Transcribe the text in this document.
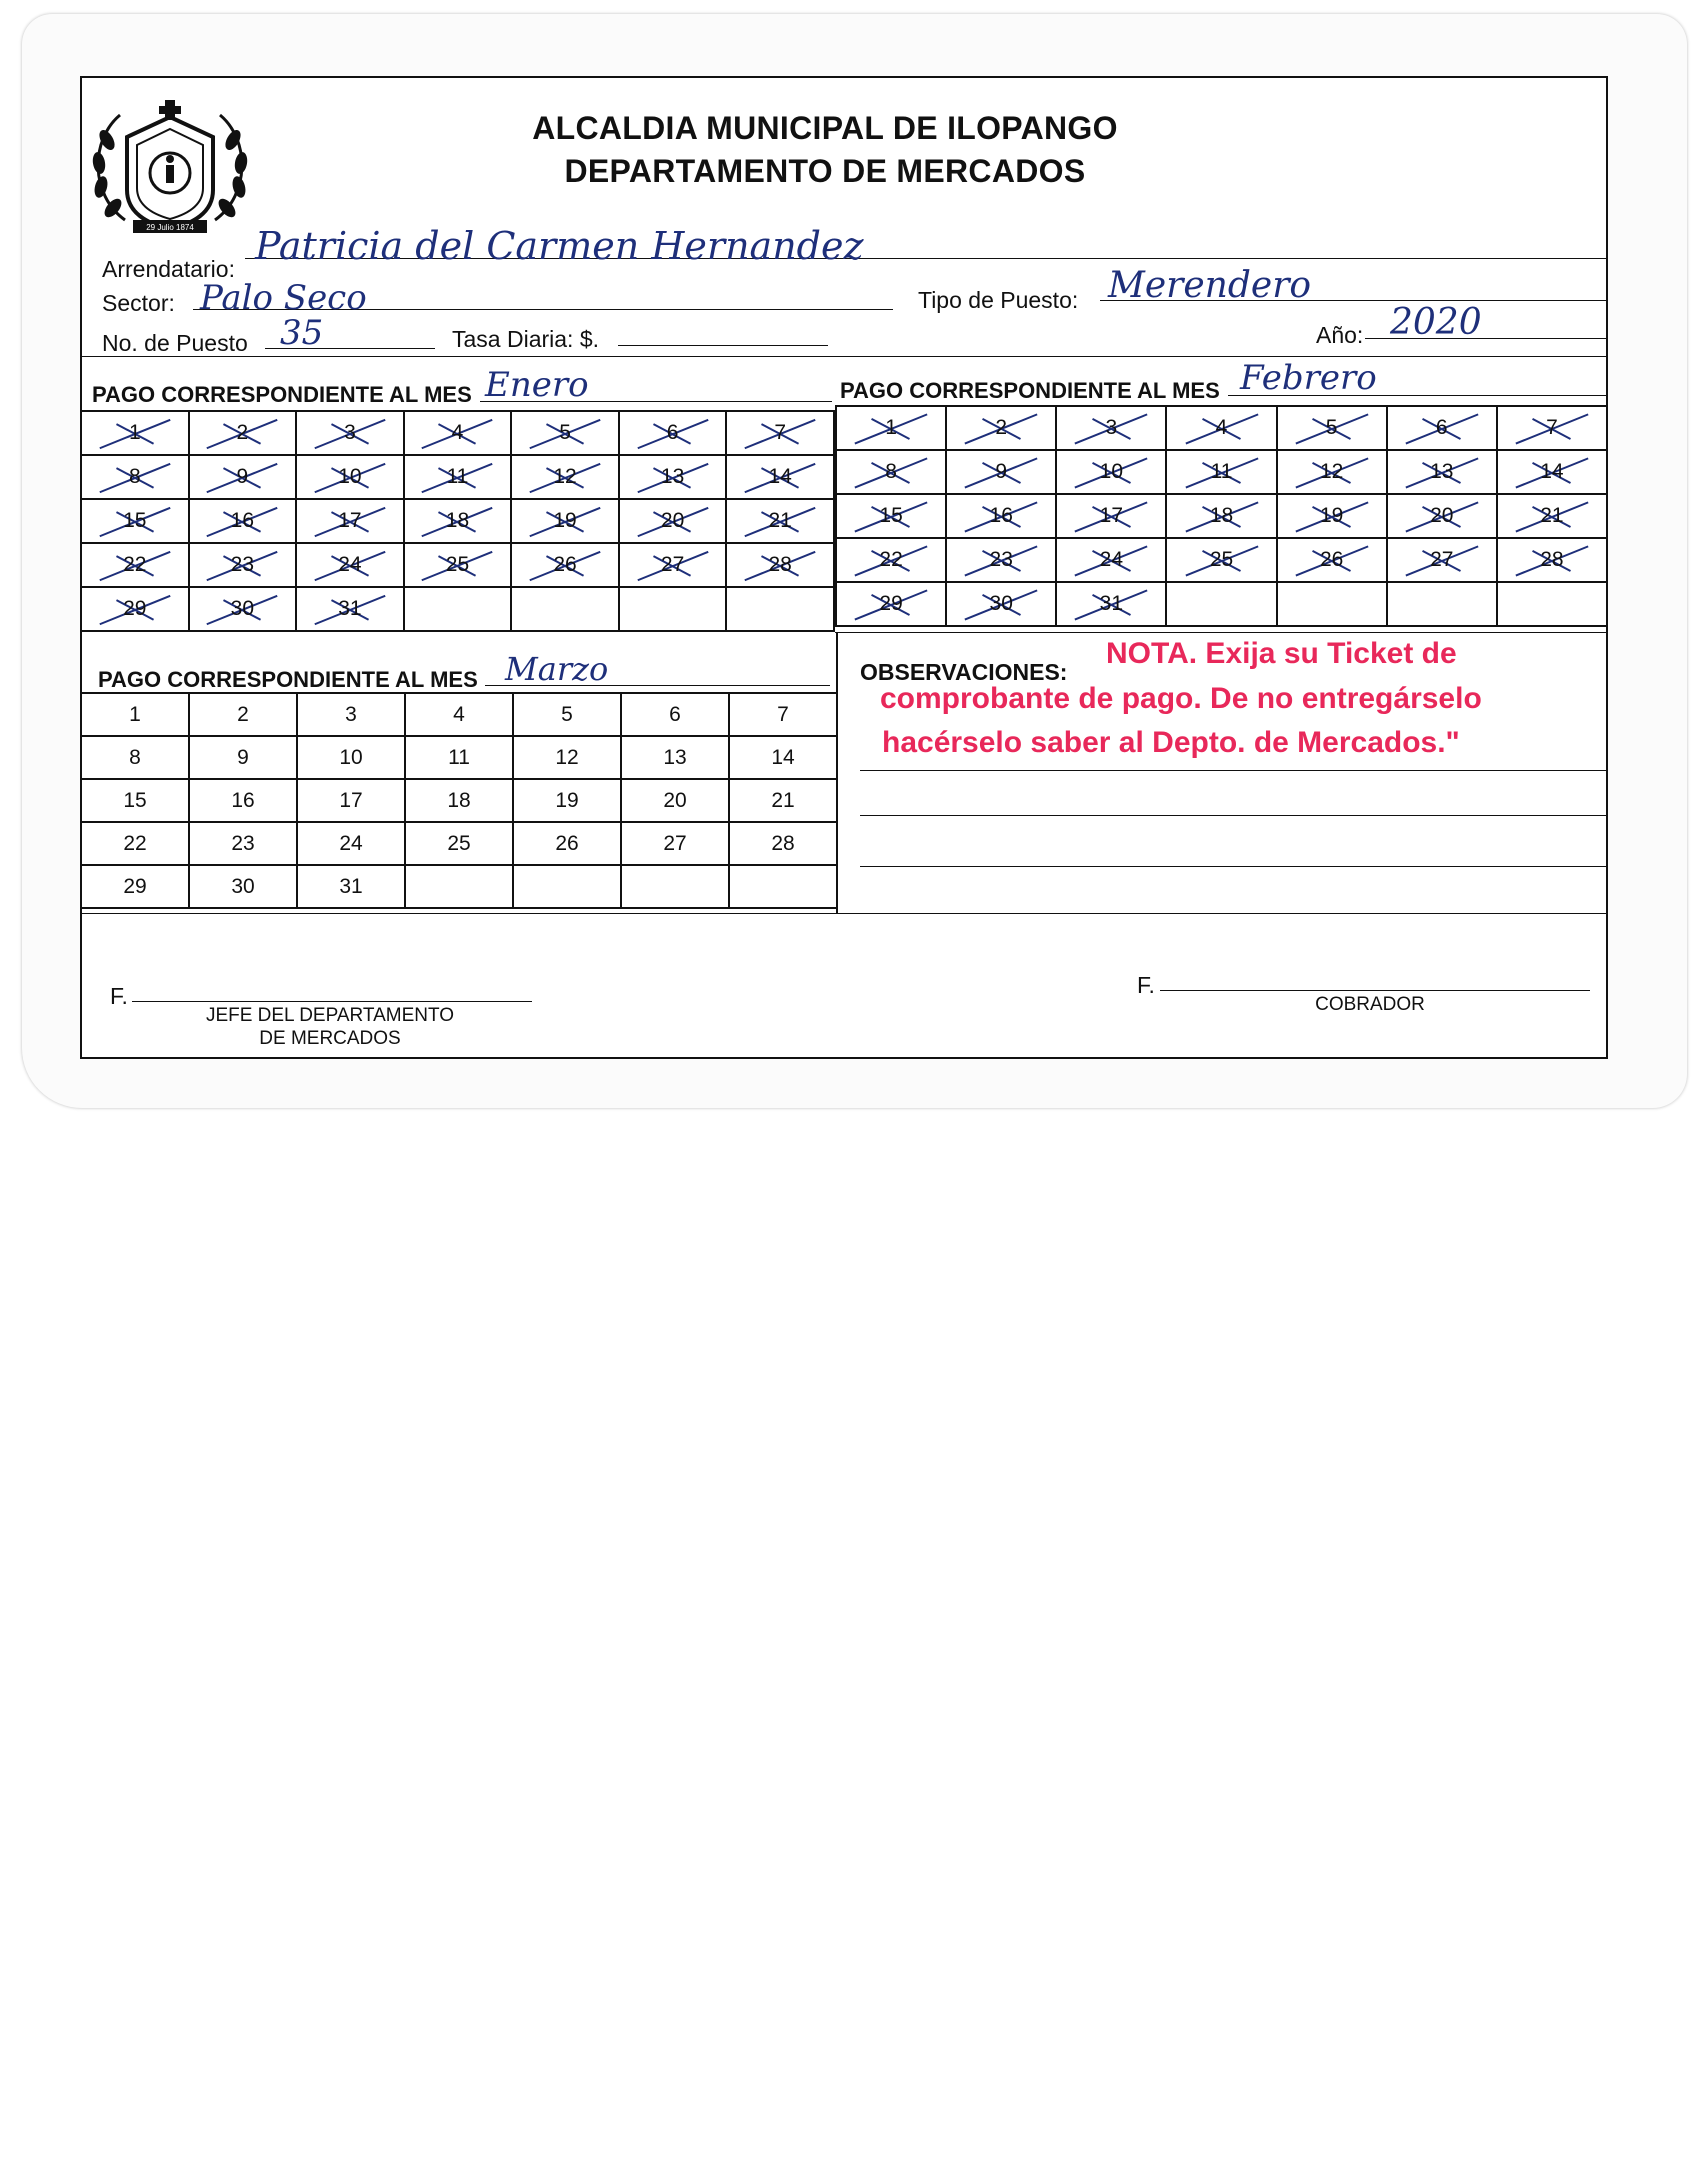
29 Julio 1874
ALCALDIA MUNICIPAL DE ILOPANGO
DEPARTAMENTO DE MERCADOS
Arrendatario:
Patricia del Carmen Hernandez
Sector: Palo Seco	Tipo de Puesto: Merendero
No. de Puesto 35	Tasa Diaria: $.	Año: 2020
PAGO CORRESPONDIENTE AL MES Enero	PAGO CORRESPONDIENTE AL MES Febrero
1	2	3	4	5	6	7
8	9	10	11	12	13	14
15	16	17	18	19	20	21
22	23	24	25	26	27	28
29	30	31				
1	2	3	4	5	6	7
8	9	10	11	12	13	14
15	16	17	18	19	20	21
22	23	24	25	26	27	28
29	30	31				
PAGO CORRESPONDIENTE AL MES Marzo
1	2	3	4	5	6	7
8	9	10	11	12	13	14
15	16	17	18	19	20	21
22	23	24	25	26	27	28
29	30	31				
OBSERVACIONES:
NOTA. Exija su Ticket de
comprobante de pago. De no entregárselo
hacérselo saber al Depto. de Mercados."
F.
JEFE DEL DEPARTAMENTO
DE MERCADOS
F.
COBRADOR
